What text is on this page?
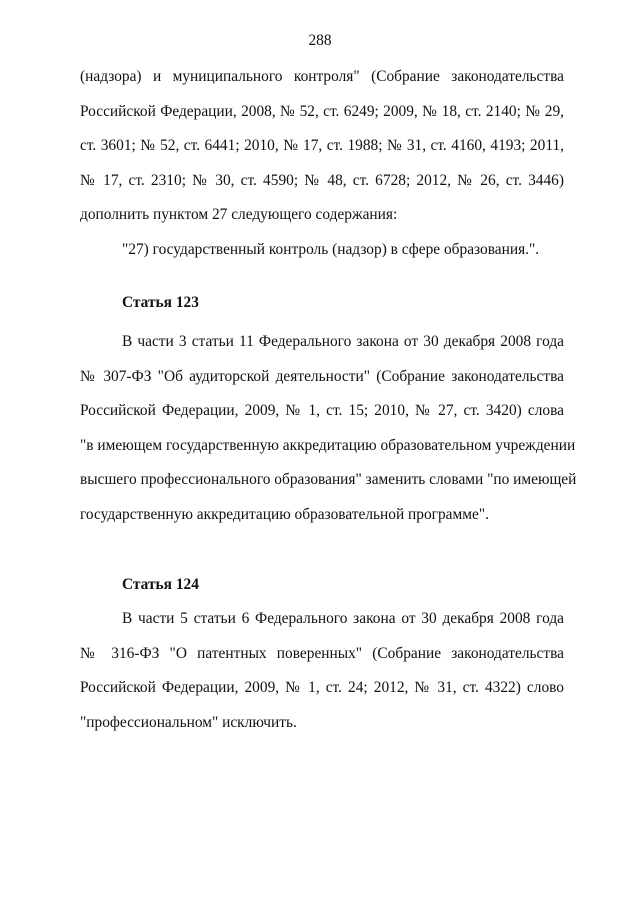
288
(надзора) и муниципального контроля" (Собрание законодательства
Российской Федерации, 2008, № 52, ст. 6249; 2009, № 18, ст. 2140; № 29,
ст. 3601; № 52, ст. 6441; 2010, № 17, ст. 1988; № 31, ст. 4160, 4193; 2011,
№ 17, ст. 2310; № 30, ст. 4590; № 48, ст. 6728; 2012, № 26, ст. 3446)
дополнить пунктом 27 следующего содержания:
"27) государственный контроль (надзор) в сфере образования.".
Статья 123
В части 3 статьи 11 Федерального закона от 30 декабря 2008 года
№ 307-ФЗ "Об аудиторской деятельности" (Собрание законодательства
Российской Федерации, 2009, № 1, ст. 15; 2010, № 27, ст. 3420) слова
"в имеющем государственную аккредитацию образовательном учреждении
высшего профессионального образования" заменить словами "по имеющей
государственную аккредитацию образовательной программе".
Статья 124
В части 5 статьи 6 Федерального закона от 30 декабря 2008 года
№ 316-ФЗ "О патентных поверенных" (Собрание законодательства
Российской Федерации, 2009, № 1, ст. 24; 2012, № 31, ст. 4322) слово
"профессиональном" исключить.
